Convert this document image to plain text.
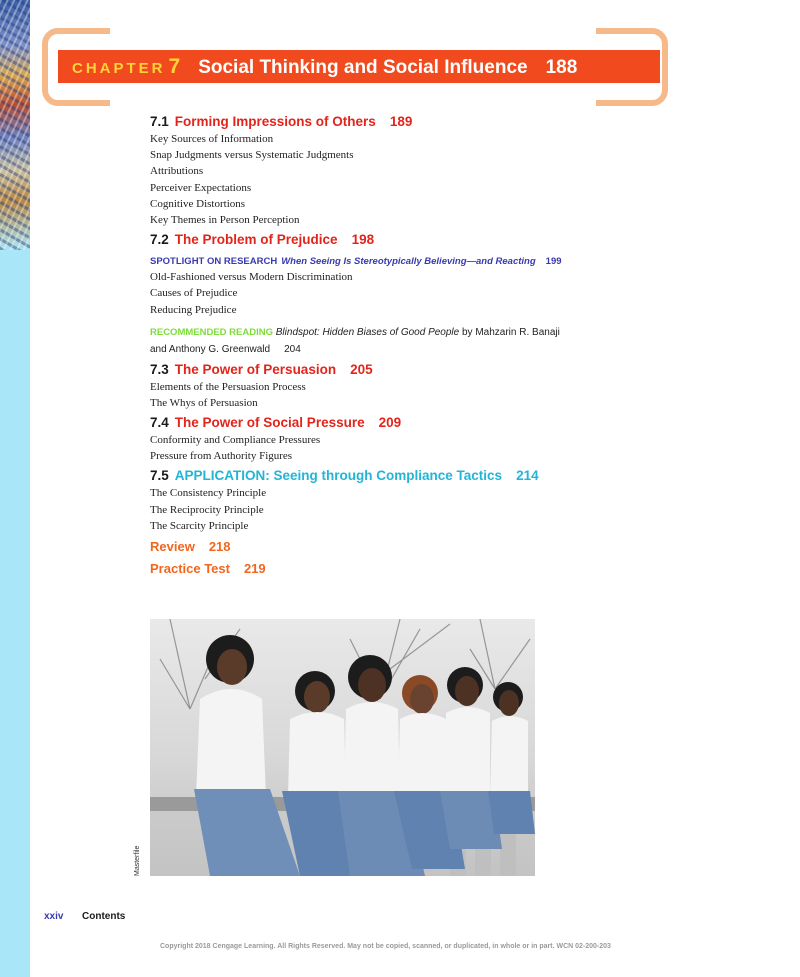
CHAPTER 7 Social Thinking and Social Influence 188
7.1 Forming Impressions of Others 189
Key Sources of Information
Snap Judgments versus Systematic Judgments
Attributions
Perceiver Expectations
Cognitive Distortions
Key Themes in Person Perception
7.2 The Problem of Prejudice 198
SPOTLIGHT ON RESEARCH When Seeing Is Stereotypically Believing—and Reacting 199
Old-Fashioned versus Modern Discrimination
Causes of Prejudice
Reducing Prejudice
RECOMMENDED READING Blindspot: Hidden Biases of Good People by Mahzarin R. Banaji
and Anthony G. Greenwald 204
7.3 The Power of Persuasion 205
Elements of the Persuasion Process
The Whys of Persuasion
7.4 The Power of Social Pressure 209
Conformity and Compliance Pressures
Pressure from Authority Figures
7.5 APPLICATION: Seeing through Compliance Tactics 214
The Consistency Principle
The Reciprocity Principle
The Scarcity Principle
Review 218
Practice Test 219
Masterfile
xxiv Contents
Copyright 2018 Cengage Learning. All Rights Reserved. May not be copied, scanned, or duplicated, in whole or in part. WCN 02-200-203
